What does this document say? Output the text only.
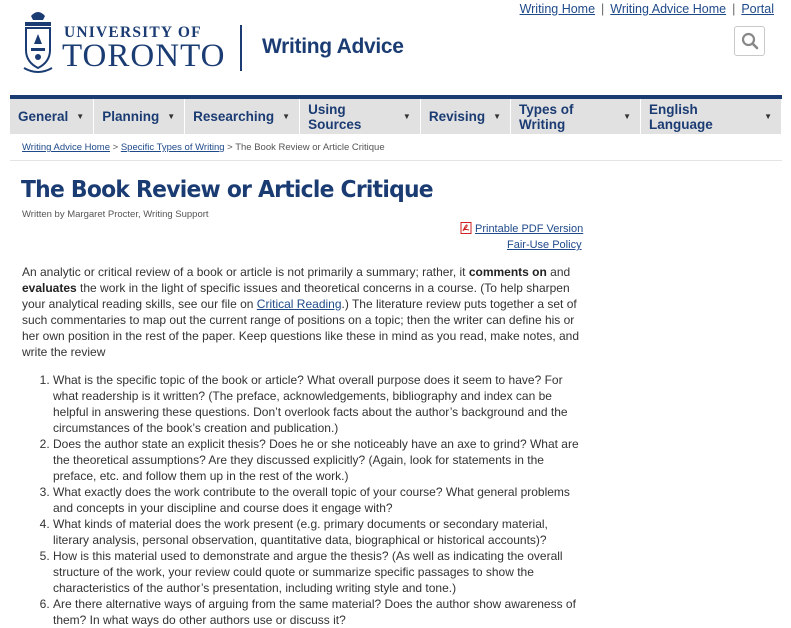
UNIVERSITY OF
TORONTO Writing Advice
Writing Home | Writing Advice Home | Portal
General ▼ Planning ▼ Researching ▼ Using Sources	▼ Revising ▼ Types of Writing	▼ English Language	▼
Writing Advice Home > Specific Types of Writing > The Book Review or Article Critique
The Book Review or Article Critique
Written by Margaret Procter, Writing Support
Printable PDF Version
Fair-Use Policy

An analytic or critical review of a book or article is not primarily a summary; rather, it comments on and evaluates the work in the light of specific issues and theoretical concerns in a course. (To help sharpen your analytical reading skills, see our file on Critical Reading.) The literature review puts together a set of such commentaries to map out the current range of positions on a topic; then the writer can define his or her own position in the rest of the paper. Keep questions like these in mind as you read, make notes, and write the review

1. What is the specific topic of the book or article? What overall purpose does it seem to have? For what readership is it written? (The preface, acknowledgements, bibliography and index can be helpful in answering these questions. Don’t overlook facts about the author’s background and the circumstances of the book’s creation and publication.)
2. Does the author state an explicit thesis? Does he or she noticeably have an axe to grind? What are the theoretical assumptions? Are they discussed explicitly? (Again, look for statements in the preface, etc. and follow them up in the rest of the work.)
3. What exactly does the work contribute to the overall topic of your course? What general problems and concepts in your discipline and course does it engage with?
4. What kinds of material does the work present (e.g. primary documents or secondary material, literary analysis, personal observation, quantitative data, biographical or historical accounts)?
5. How is this material used to demonstrate and argue the thesis? (As well as indicating the overall structure of the work, your review could quote or summarize specific passages to show the characteristics of the author’s presentation, including writing style and tone.)
6. Are there alternative ways of arguing from the same material? Does the author show awareness of them? In what ways do other authors use or discuss it?
